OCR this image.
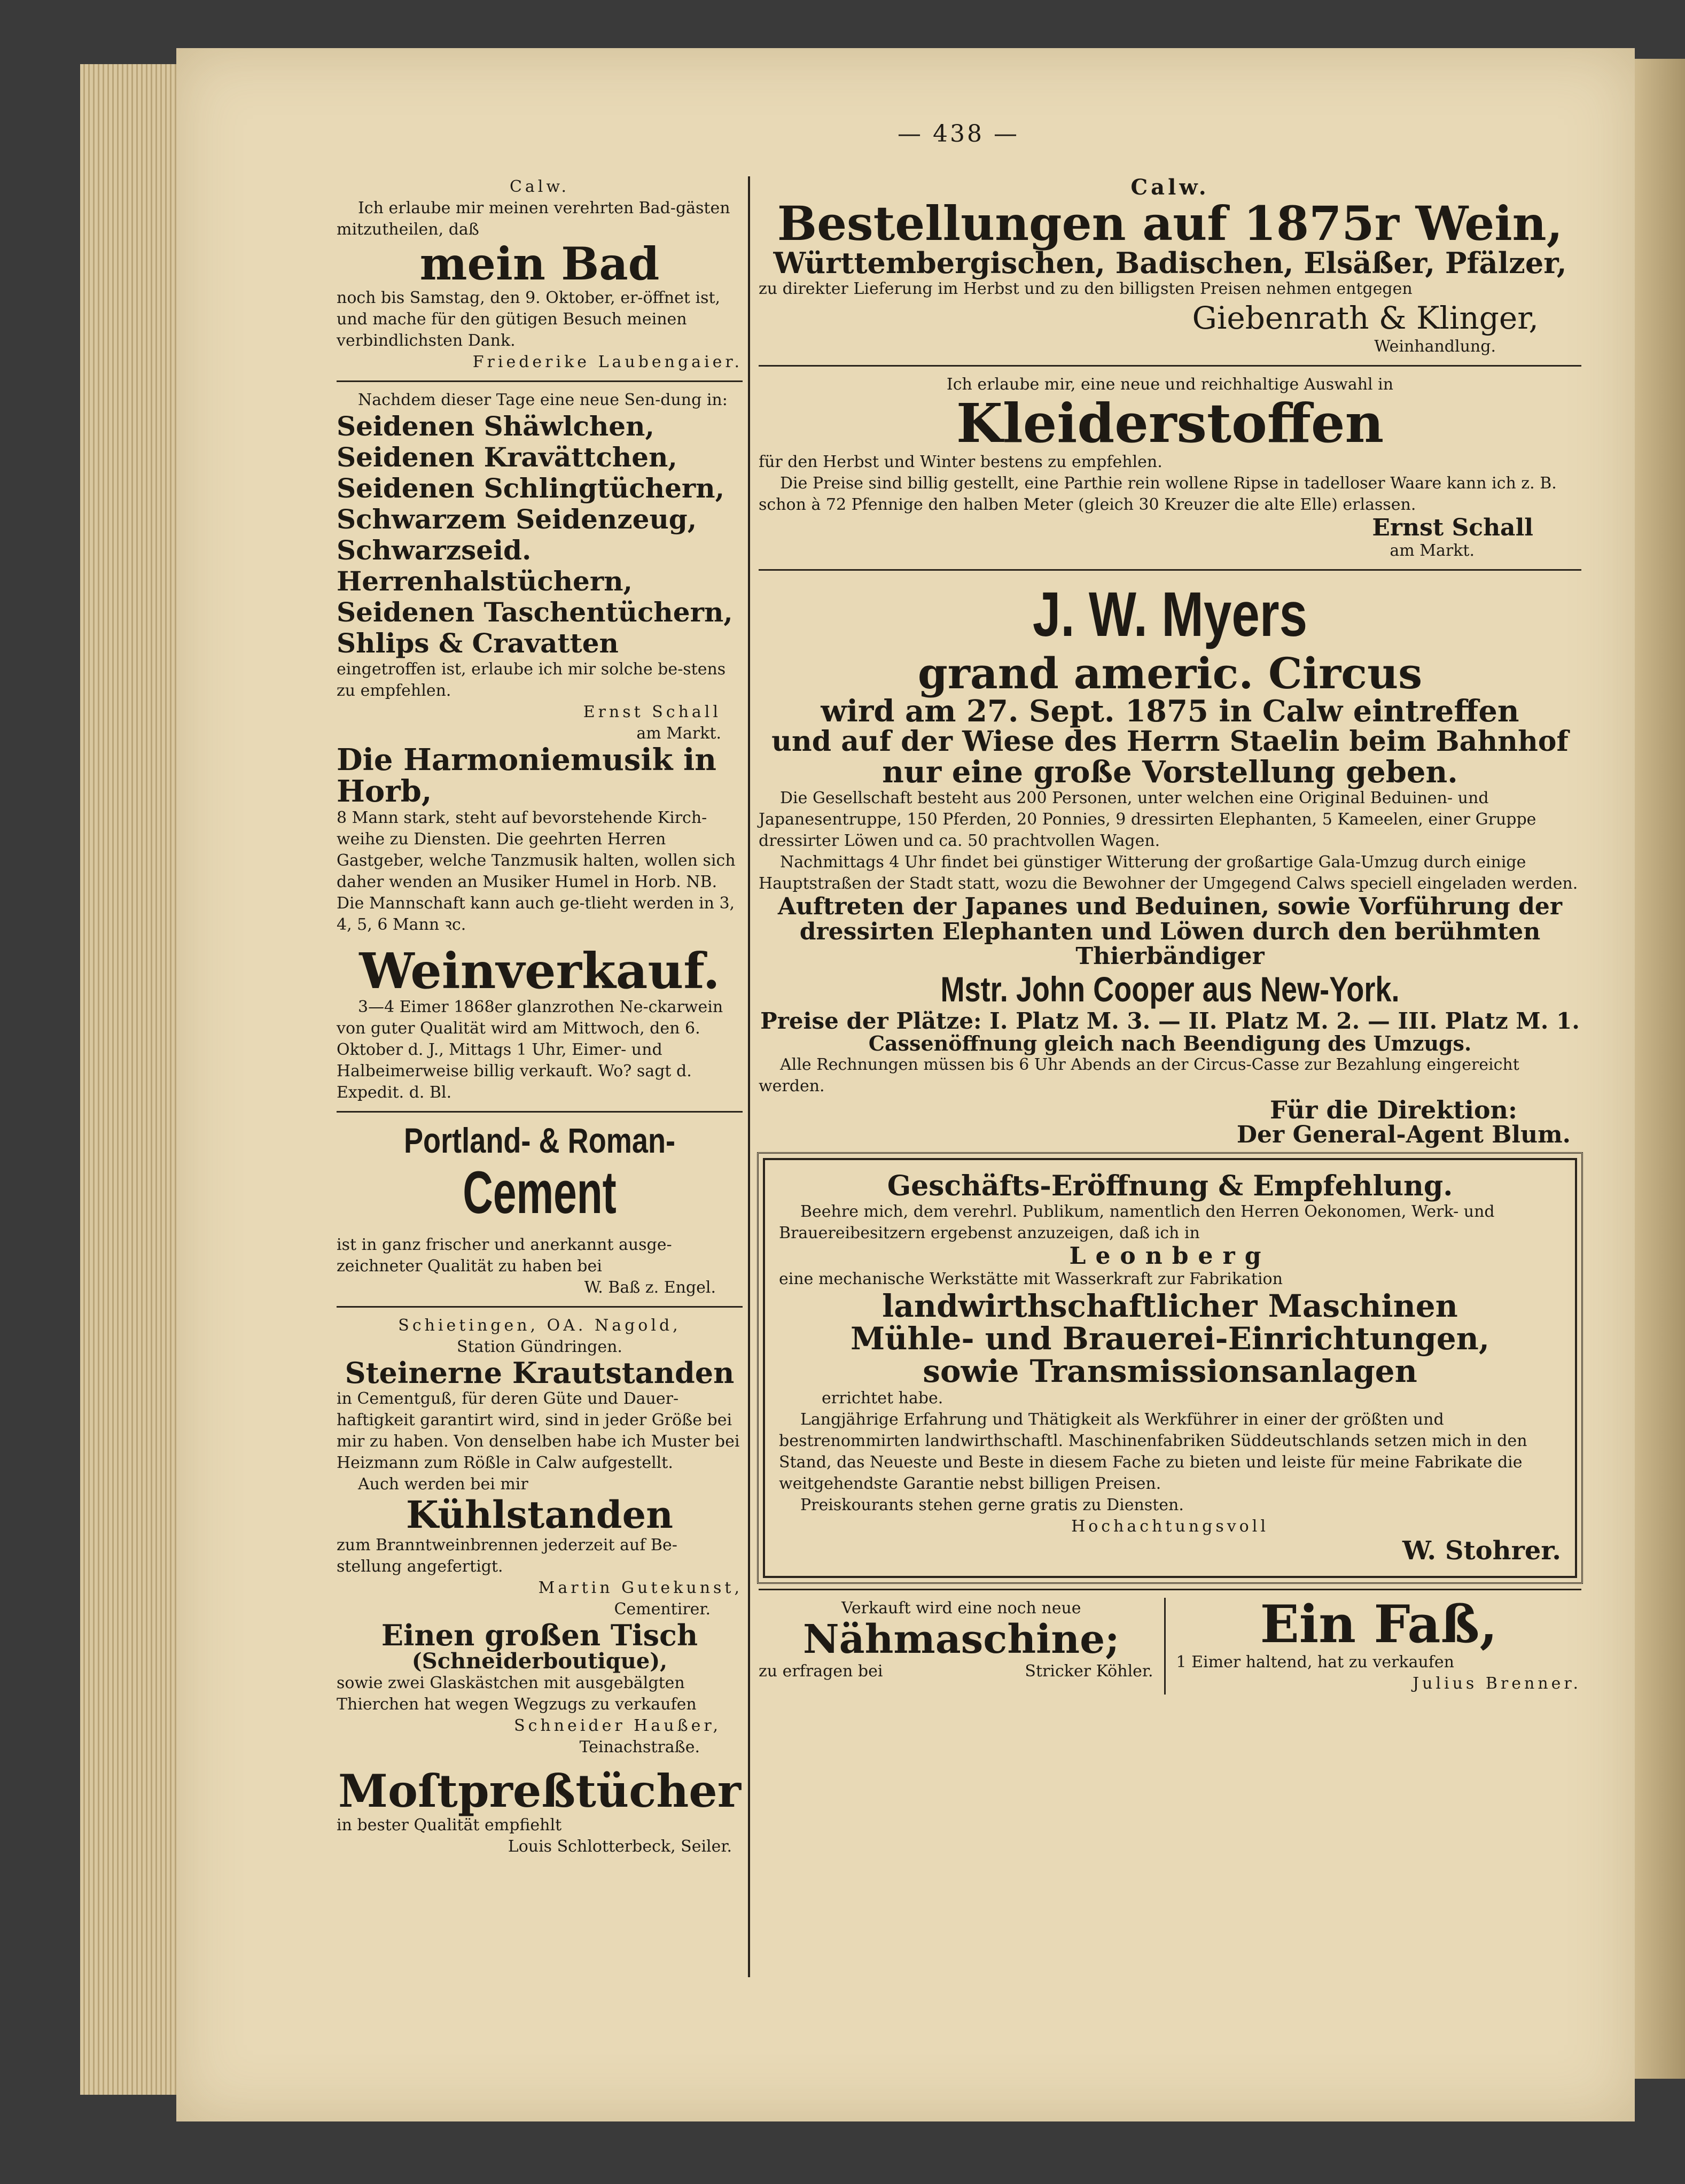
— 438 —
Calw.
Ich erlaube mir meinen verehrten Bad-gästen mitzutheilen, daß
mein Bad
noch bis Samstag, den 9. Oktober, er-öffnet ist, und mache für den gütigen Besuch meinen verbindlichsten Dank.
Friederike Laubengaier.
Nachdem dieser Tage eine neue Sen-dung in:
Seidenen Shäwlchen,
Seidenen Kravättchen,
Seidenen Schlingtüchern,
Schwarzem Seidenzeug,
Schwarzseid. Herrenhalstüchern,
Seidenen Taschentüchern,
Shlips & Cravatten
eingetroffen ist, erlaube ich mir solche be-stens zu empfehlen.
Ernst Schall
am Markt.
Die Harmoniemusik in Horb,
8 Mann stark, steht auf bevorstehende Kirch-weihe zu Diensten. Die geehrten Herren Gastgeber, welche Tanzmusik halten, wollen sich daher wenden an Musiker Humel in Horb. NB. Die Mannschaft kann auch ge-tlieht werden in 3, 4, 5, 6 Mann ꝛc.
Weinverkauf.
3—4 Eimer 1868er glanzrothen Ne-ckarwein von guter Qualität wird am Mittwoch, den 6. Oktober d. J., Mittags 1 Uhr, Eimer- und Halbeimerweise billig verkauft. Wo? sagt d. Expedit. d. Bl.
Portland- & Roman-
Cement
ist in ganz frischer und anerkannt ausge-zeichneter Qualität zu haben bei
W. Baß z. Engel.
Schietingen, OA. Nagold,
Station Gündringen.
Steinerne Krautstanden
in Cementguß, für deren Güte und Dauer-haftigkeit garantirt wird, sind in jeder Größe bei mir zu haben. Von denselben habe ich Muster bei Heizmann zum Rößle in Calw aufgestellt.
Auch werden bei mir
Kühlstanden
zum Branntweinbrennen jederzeit auf Be-stellung angefertigt.
Martin Gutekunst,
Cementirer.
Einen großen Tisch
(Schneiderboutique),
sowie zwei Glaskästchen mit ausgebälgten Thierchen hat wegen Wegzugs zu verkaufen
Schneider Haußer,
Teinachstraße.
Moſtpreßtücher
in bester Qualität empfiehlt
Louis Schlotterbeck, Seiler.
Calw.
Bestellungen auf 1875r Wein,
Württembergischen, Badischen, Elsäßer, Pfälzer,
zu direkter Lieferung im Herbst und zu den billigsten Preisen nehmen entgegen
Giebenrath & Klinger,
Weinhandlung.
Ich erlaube mir, eine neue und reichhaltige Auswahl in
Kleiderstoffen
für den Herbst und Winter bestens zu empfehlen.
Die Preise sind billig gestellt, eine Parthie rein wollene Ripse in tadelloser Waare kann ich z. B. schon à 72 Pfennige den halben Meter (gleich 30 Kreuzer die alte Elle) erlassen.
Ernst Schall
am Markt.
J. W. Myers
grand americ. Circus
wird am 27. Sept. 1875 in Calw eintreffen
und auf der Wiese des Herrn Staelin beim Bahnhof
nur eine große Vorstellung geben.
Die Gesellschaft besteht aus 200 Personen, unter welchen eine Original Beduinen- und Japanesentruppe, 150 Pferden, 20 Ponnies, 9 dressirten Elephanten, 5 Kameelen, einer Gruppe dressirter Löwen und ca. 50 prachtvollen Wagen.
Nachmittags 4 Uhr findet bei günstiger Witterung der großartige Gala-Umzug durch einige Hauptstraßen der Stadt statt, wozu die Bewohner der Umgegend Calws speciell eingeladen werden.
Auftreten der Japanes und Beduinen, sowie Vorführung der dressirten Elephanten und Löwen durch den berühmten Thierbändiger
Mstr. John Cooper aus New-York.
Preise der Plätze: I. Platz M. 3. — II. Platz M. 2. — III. Platz M. 1.
Cassenöffnung gleich nach Beendigung des Umzugs.
Alle Rechnungen müssen bis 6 Uhr Abends an der Circus-Casse zur Bezahlung eingereicht werden.
Für die Direktion:
Der General-Agent Blum.
Geschäfts-Eröffnung & Empfehlung.
Beehre mich, dem verehrl. Publikum, namentlich den Herren Oekonomen, Werk- und Brauereibesitzern ergebenst anzuzeigen, daß ich in
Leonberg
eine mechanische Werkstätte mit Wasserkraft zur Fabrikation
landwirthschaftlicher Maschinen
Mühle- und Brauerei-Einrichtungen,
sowie Transmissionsanlagen
errichtet habe.
Langjährige Erfahrung und Thätigkeit als Werkführer in einer der größten und bestrenommirten landwirthschaftl. Maschinenfabriken Süddeutschlands setzen mich in den Stand, das Neueste und Beste in diesem Fache zu bieten und leiste für meine Fabrikate die weitgehendste Garantie nebst billigen Preisen.
Preiskourants stehen gerne gratis zu Diensten.
Hochachtungsvoll
W. Stohrer.
Verkauft wird eine noch neue
Nähmaschine;
zu erfragen bei	Stricker Köhler.
Ein Faß,
1 Eimer haltend, hat zu verkaufen
Julius Brenner.
